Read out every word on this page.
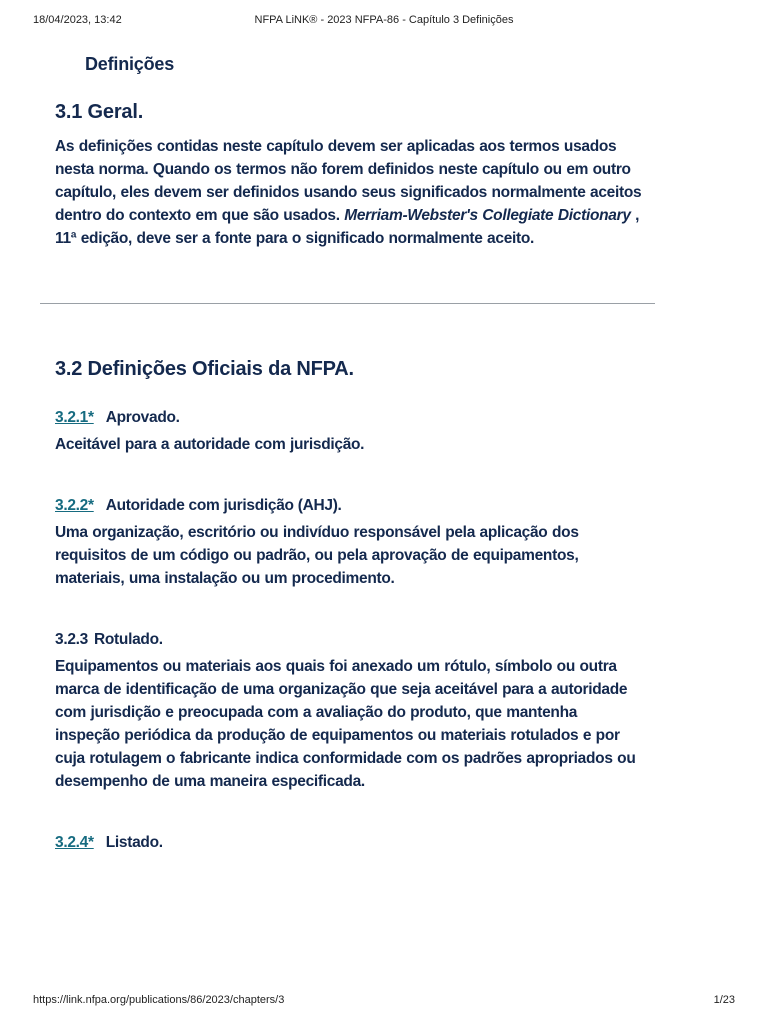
18/04/2023, 13:42	NFPA LiNK® - 2023 NFPA-86 - Capítulo 3 Definições
Definições
3.1 Geral.

As definições contidas neste capítulo devem ser aplicadas aos termos usados nesta norma. Quando os termos não forem definidos neste capítulo ou em outro capítulo, eles devem ser definidos usando seus significados normalmente aceitos dentro do contexto em que são usados. Merriam-Webster's Collegiate Dictionary , 11ª edição, deve ser a fonte para o significado normalmente aceito.

3.2 Definições Oficiais da NFPA.
3.2.1* Aprovado.
Aceitável para a autoridade com jurisdição.
3.2.2* Autoridade com jurisdição (AHJ).
Uma organização, escritório ou indivíduo responsável pela aplicação dos requisitos de um código ou padrão, ou pela aprovação de equipamentos, materiais, uma instalação ou um procedimento.
3.2.3 Rotulado.
Equipamentos ou materiais aos quais foi anexado um rótulo, símbolo ou outra marca de identificação de uma organização que seja aceitável para a autoridade com jurisdição e preocupada com a avaliação do produto, que mantenha inspeção periódica da produção de equipamentos ou materiais rotulados e por cuja rotulagem o fabricante indica conformidade com os padrões apropriados ou desempenho de uma maneira especificada.
3.2.4* Listado.
https://link.nfpa.org/publications/86/2023/chapters/3	1/23
